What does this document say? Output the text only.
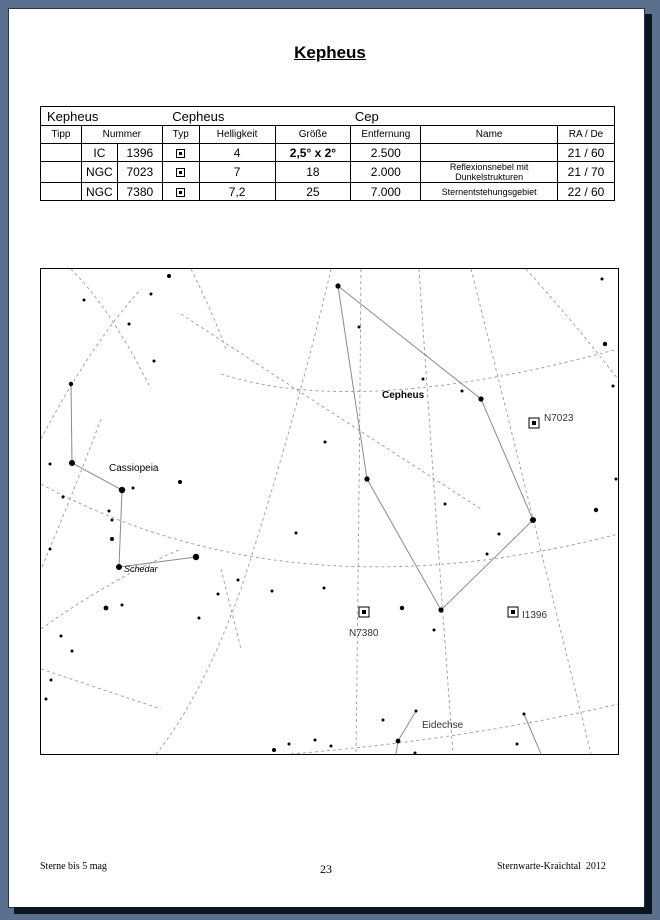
Kepheus
Kepheus			Cepheus			Cep		
Tipp	Nummer		Typ	Helligkeit	Größe	Entfernung	Name	RA / De
	IC	1396		4	2,5° x 2°	2.500		21 / 60
	NGC	7023		7	18	2.000	Reflexionsnebel mit Dunkelstrukturen	21 / 70
	NGC	7380		7,2	25	7.000	Sternentstehungsgebiet	22 / 60
Cepheus
Cassiopeia
Schedar
Eidechse
N7023
N7380
I1396
Sterne bis 5 mag	23	Sternwarte-Kraichtal  2012
